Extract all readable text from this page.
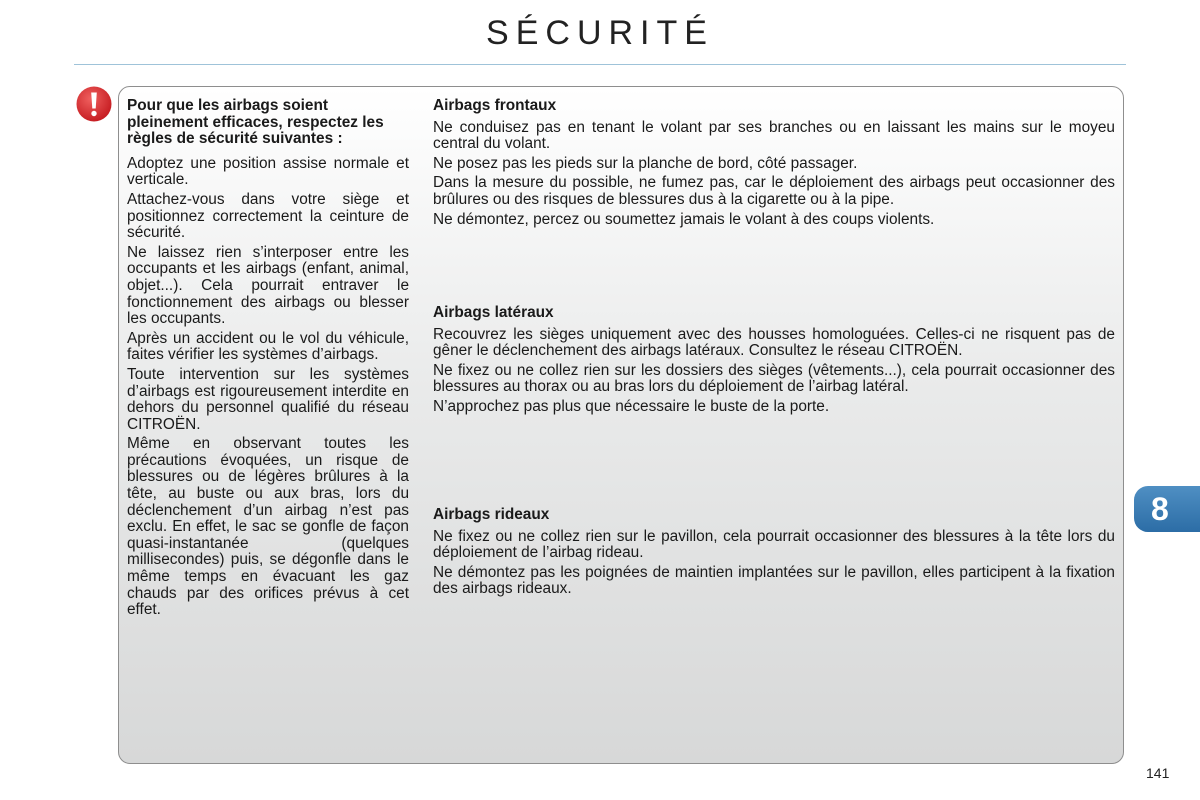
SÉCURITÉ

Pour que les airbags soient pleinement efficaces, respectez les règles de sécurité suivantes :

Adoptez une position assise normale et verticale.

Attachez-vous dans votre siège et positionnez correctement la ceinture de sécurité.

Ne laissez rien s’interposer entre les occupants et les airbags (enfant, animal, objet...). Cela pourrait entraver le fonctionnement des airbags ou blesser les occupants.

Après un accident ou le vol du véhicule, faites vérifier les systèmes d’airbags.

Toute intervention sur les systèmes d’airbags est rigoureusement interdite en dehors du personnel qualifié du réseau CITROËN.

Même en observant toutes les précautions évoquées, un risque de blessures ou de légères brûlures à la tête, au buste ou aux bras, lors du déclenchement d’un airbag n’est pas exclu. En effet, le sac se gonfle de façon quasi-instantanée (quelques millisecondes) puis, se dégonfle dans le même temps en évacuant les gaz chauds par des orifices prévus à cet effet.

Airbags frontaux

Ne conduisez pas en tenant le volant par ses branches ou en laissant les mains sur le moyeu central du volant.

Ne posez pas les pieds sur la planche de bord, côté passager.

Dans la mesure du possible, ne fumez pas, car le déploiement des airbags peut occasionner des brûlures ou des risques de blessures dus à la cigarette ou à la pipe.

Ne démontez, percez ou soumettez jamais le volant à des coups violents.

Airbags latéraux

Recouvrez les sièges uniquement avec des housses homologuées. Celles-ci ne risquent pas de gêner le déclenchement des airbags latéraux. Consultez le réseau CITROËN.

Ne fixez ou ne collez rien sur les dossiers des sièges (vêtements...), cela pourrait occasionner des blessures au thorax ou au bras lors du déploiement de l’airbag latéral.

N’approchez pas plus que nécessaire le buste de la porte.

Airbags rideaux

Ne fixez ou ne collez rien sur le pavillon, cela pourrait occasionner des blessures à la tête lors du déploiement de l’airbag rideau.

Ne démontez pas les poignées de maintien implantées sur le pavillon, elles participent à la fixation des airbags rideaux.

8
141
